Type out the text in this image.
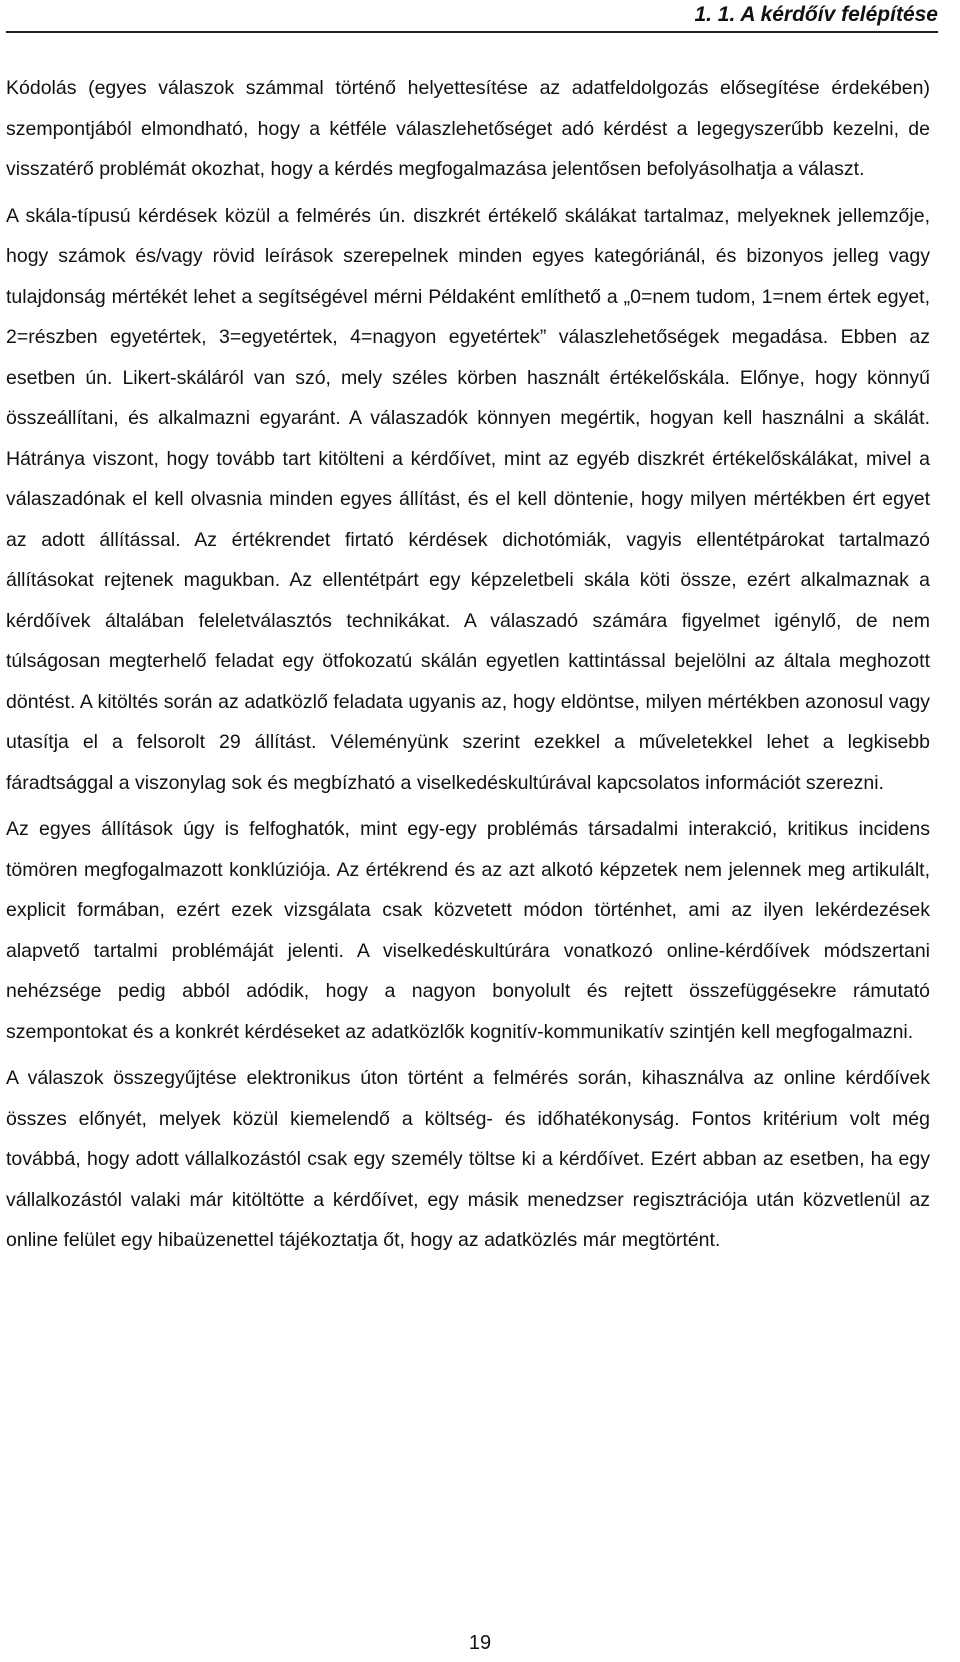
1. 1. A kérdőív felépítése

Kódolás (egyes válaszok számmal történő helyettesítése az adatfeldolgozás elősegítése érdekében) szempontjából elmondható, hogy a kétféle válaszlehetőséget adó kérdést a legegyszerűbb kezelni, de visszatérő problémát okozhat, hogy a kérdés megfogalmazása jelentősen befolyásolhatja a választ.

A skála-típusú kérdések közül a felmérés ún. diszkrét értékelő skálákat tartalmaz, melyeknek jellemzője, hogy számok és/vagy rövid leírások szerepelnek minden egyes kategóriánál, és bizonyos jelleg vagy tulajdonság mértékét lehet a segítségével mérni Példaként említhető a „0=nem tudom, 1=nem értek egyet, 2=részben egyetértek, 3=egyetértek, 4=nagyon egyetértek” válaszlehetőségek megadása. Ebben az esetben ún. Likert-skáláról van szó, mely széles körben használt értékelőskála. Előnye, hogy könnyű összeállítani, és alkalmazni egyaránt. A válaszadók könnyen megértik, hogyan kell használni a skálát. Hátránya viszont, hogy tovább tart kitölteni a kérdőívet, mint az egyéb diszkrét értékelőskálákat, mivel a válaszadónak el kell olvasnia minden egyes állítást, és el kell döntenie, hogy milyen mértékben ért egyet az adott állítással. Az értékrendet firtató kérdések dichotómiák, vagyis ellentétpárokat tartalmazó állításokat rejtenek magukban. Az ellentétpárt egy képzeletbeli skála köti össze, ezért alkalmaznak a kérdőívek általában feleletválasztós technikákat. A válaszadó számára figyelmet igénylő, de nem túlságosan megterhelő feladat egy ötfokozatú skálán egyetlen kattintással bejelölni az általa meghozott döntést. A kitöltés során az adatközlő feladata ugyanis az, hogy eldöntse, milyen mértékben azonosul vagy utasítja el a felsorolt 29 állítást. Véleményünk szerint ezekkel a műveletekkel lehet a legkisebb fáradtsággal a viszonylag sok és megbízható a viselkedéskultúrával kapcsolatos információt szerezni.

Az egyes állítások úgy is felfoghatók, mint egy-egy problémás társadalmi interakció, kritikus incidens tömören megfogalmazott konklúziója. Az értékrend és az azt alkotó képzetek nem jelennek meg artikulált, explicit formában, ezért ezek vizsgálata csak közvetett módon történhet, ami az ilyen lekérdezések alapvető tartalmi problémáját jelenti. A viselkedéskultúrára vonatkozó online-kérdőívek módszertani nehézsége pedig abból adódik, hogy a nagyon bonyolult és rejtett összefüggésekre rámutató szempontokat és a konkrét kérdéseket az adatközlők kognitív-kommunikatív szintjén kell megfogalmazni.

A válaszok összegyűjtése elektronikus úton történt a felmérés során, kihasználva az online kérdőívek összes előnyét, melyek közül kiemelendő a költség- és időhatékonyság. Fontos kritérium volt még továbbá, hogy adott vállalkozástól csak egy személy töltse ki a kérdőívet. Ezért abban az esetben, ha egy vállalkozástól valaki már kitöltötte a kérdőívet, egy másik menedzser regisztrációja után közvetlenül az online felület egy hibaüzenettel tájékoztatja őt, hogy az adatközlés már megtörtént.

19
